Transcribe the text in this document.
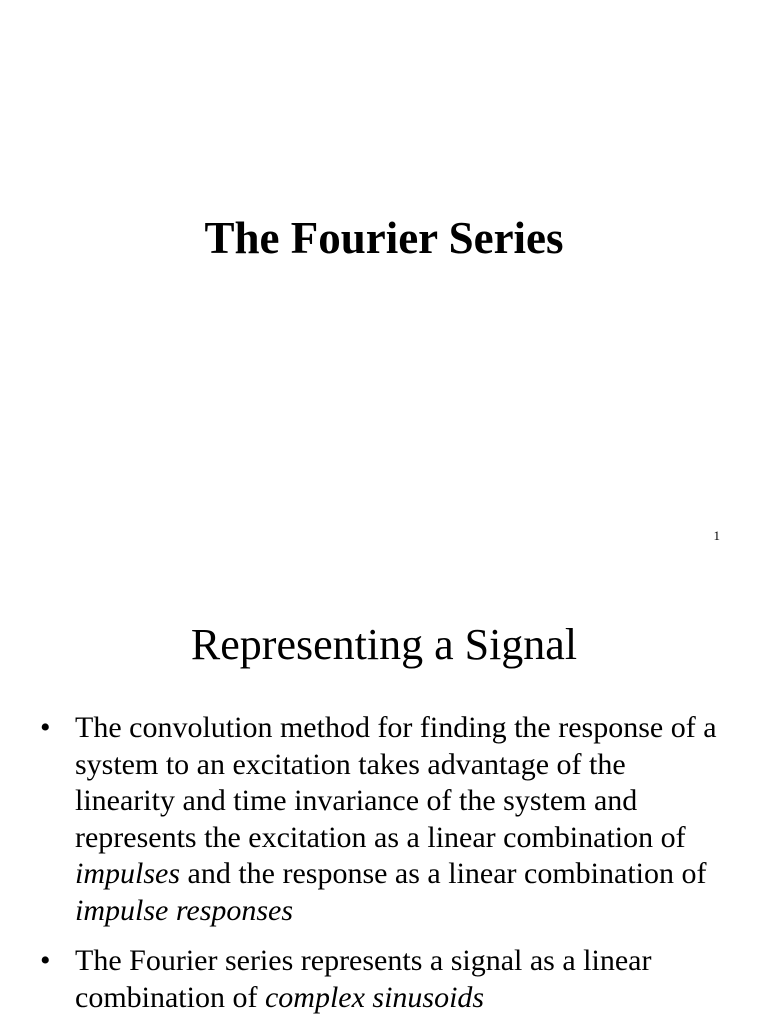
The Fourier Series
1
Representing a Signal
• The convolution method for finding the response of a system to an excitation takes advantage of the linearity and time invariance of the system and represents the excitation as a linear combination of impulses and the response as a linear combination of impulse responses
• The Fourier series represents a signal as a linear combination of complex sinusoids
